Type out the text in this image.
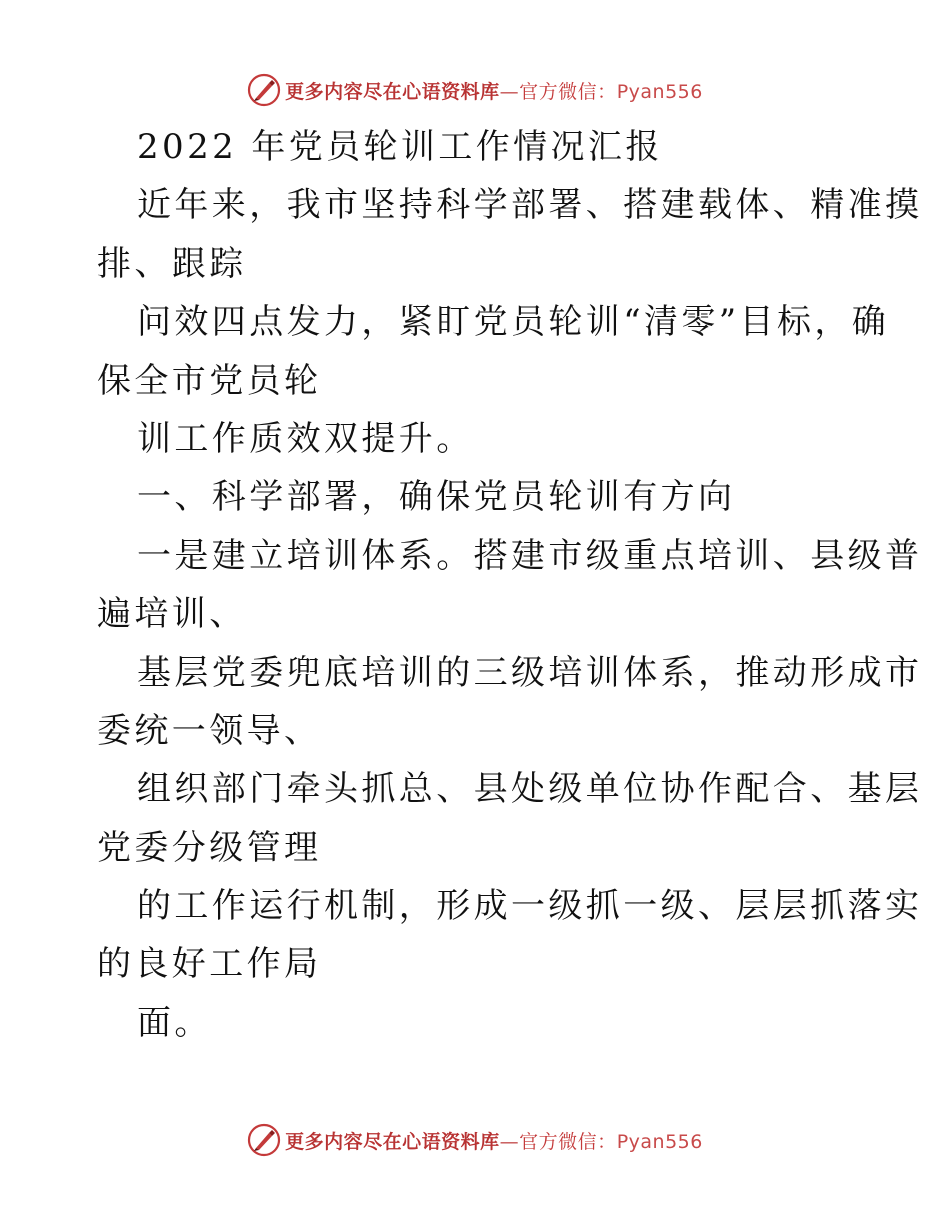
更多内容尽在心语资料库—官方微信：Pyan556
2022 年党员轮训工作情况汇报
近年来，我市坚持科学部署、搭建载体、精准摸
排、跟踪
问效四点发力，紧盯党员轮训“清零”目标，确
保全市党员轮
训工作质效双提升。
一、科学部署，确保党员轮训有方向
一是建立培训体系。搭建市级重点培训、县级普
遍培训、
基层党委兜底培训的三级培训体系，推动形成市
委统一领导、
组织部门牵头抓总、县处级单位协作配合、基层
党委分级管理
的工作运行机制，形成一级抓一级、层层抓落实
的良好工作局
面。
更多内容尽在心语资料库—官方微信：Pyan556
